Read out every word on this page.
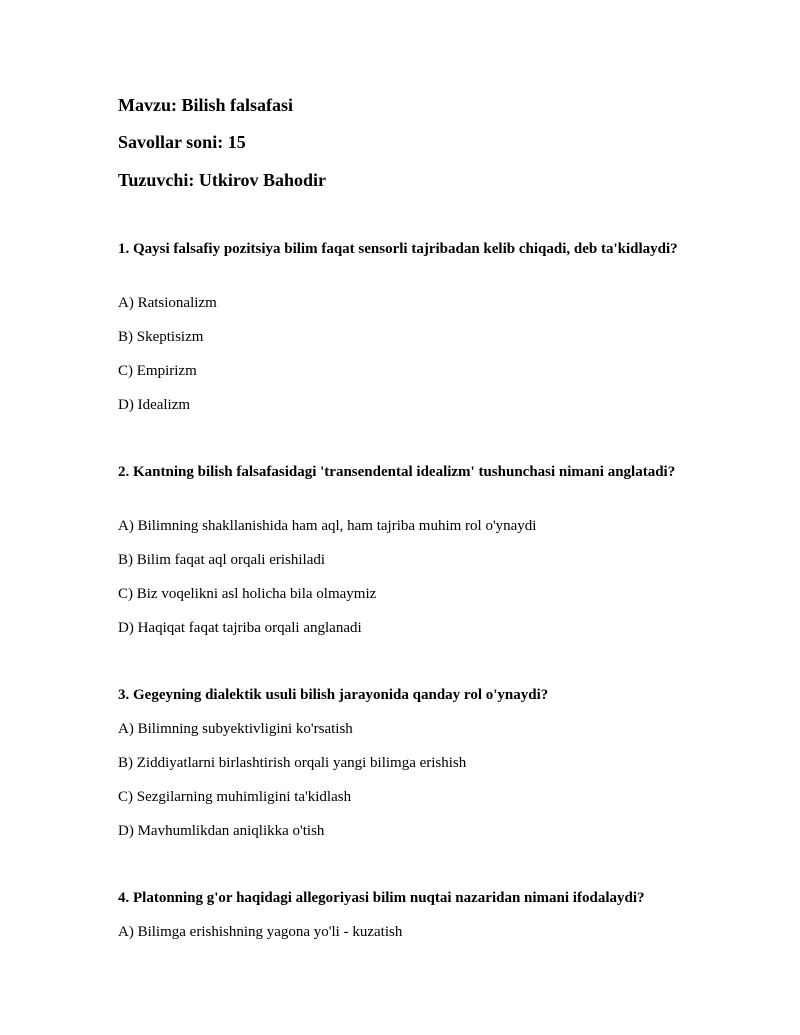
Mavzu: Bilish falsafasi
Savollar soni: 15
Tuzuvchi: Utkirov Bahodir
1. Qaysi falsafiy pozitsiya bilim faqat sensorli tajribadan kelib chiqadi, deb ta'kidlaydi?
A) Ratsionalizm
B) Skeptisizm
C) Empirizm
D) Idealizm
2. Kantning bilish falsafasidagi 'transendental idealizm' tushunchasi nimani anglatadi?
A) Bilimning shakllanishida ham aql, ham tajriba muhim rol o'ynaydi
B) Bilim faqat aql orqali erishiladi
C) Biz voqelikni asl holicha bila olmaymiz
D) Haqiqat faqat tajriba orqali anglanadi
3. Gegeyning dialektik usuli bilish jarayonida qanday rol o'ynaydi?
A) Bilimning subyektivligini ko'rsatish
B) Ziddiyatlarni birlashtirish orqali yangi bilimga erishish
C) Sezgilarning muhimligini ta'kidlash
D) Mavhumlikdan aniqlikka o'tish
4. Platonning g'or haqidagi allegoriyasi bilim nuqtai nazaridan nimani ifodalaydi?
A) Bilimga erishishning yagona yo'li - kuzatish
